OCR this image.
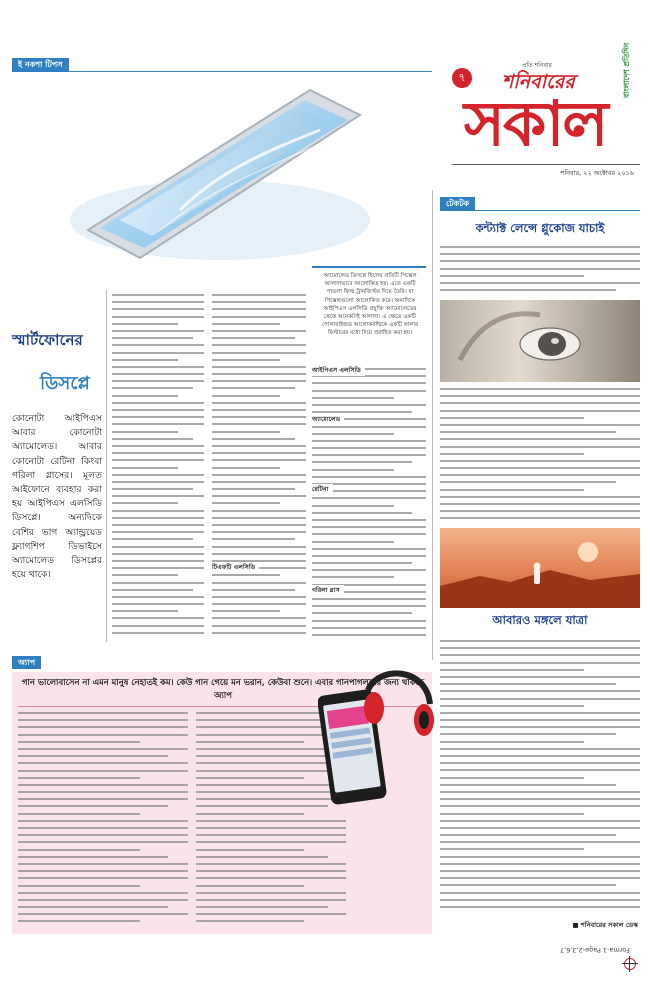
ই নকশা টিপস	প্রতি শনিবার
শনিবারের
৭
সকাল
বাংলাদেশ প্রতিদিন
শনিবার, ২২ অক্টোবর ২০১৬
স্মার্টফোনের
ডিসপ্লে
কোনোটা আইপিএস আবার কোনোটা অ্যামোলেড। আবার কোনোটা রেটিনা কিংবা গরিলা গ্লাসের। মূলত আইফোনে ব্যবহার করা হয় আইপিএস এলসিডি ডিসপ্লে। অন্যদিকে বেশির ভাগ অ্যান্ড্রয়েড ফ্ল্যাগশিপ ডিভাইসে অ্যামোলেড ডিসপ্লের হয়ে থাকে।
টিএফটি এলসিডি
অ্যামোলেড ডিসপ্লে ছিলের প্রতিটি পিক্সেল আলাদাভাবে আলোকিত হয়। এতে একটি পাতলা ফিল্ম ট্রানজিস্টর দিয়ে তৈরি। যা পিক্সেলগুলো আলোকিত করে। অন্যদিকে আইপিএস এলসিডি প্রযুক্তি অ্যামোলেডের থেকে অনেকটাই আলাদা। এ ক্ষেত্রে একটি পোলারাইজড আলোকরশ্মিকে একটি কালার ফিল্টারের মধ্যে দিয়ে প্রবাহিত করা হয়।
আইপিএস এলসিডি
অ্যামোলেড
রেটিনা
গরিলা গ্লাস
টেকটক
কন্ট্যাক্ট লেন্সে গ্লুকোজ যাচাই
আবারও মঙ্গলে যাত্রা
■ শনিবারের সকাল ডেস্ক
অ্যাপ
গান ভালোবাসেন না এমন মানুষ নেহাতই কম। কেউ গান গেয়ে মন ভরান, কেউবা শুনে। এবার গানপাগলদের জন্য থাকছে অ্যাপ
Forma-1 Page-2,3,6,7
